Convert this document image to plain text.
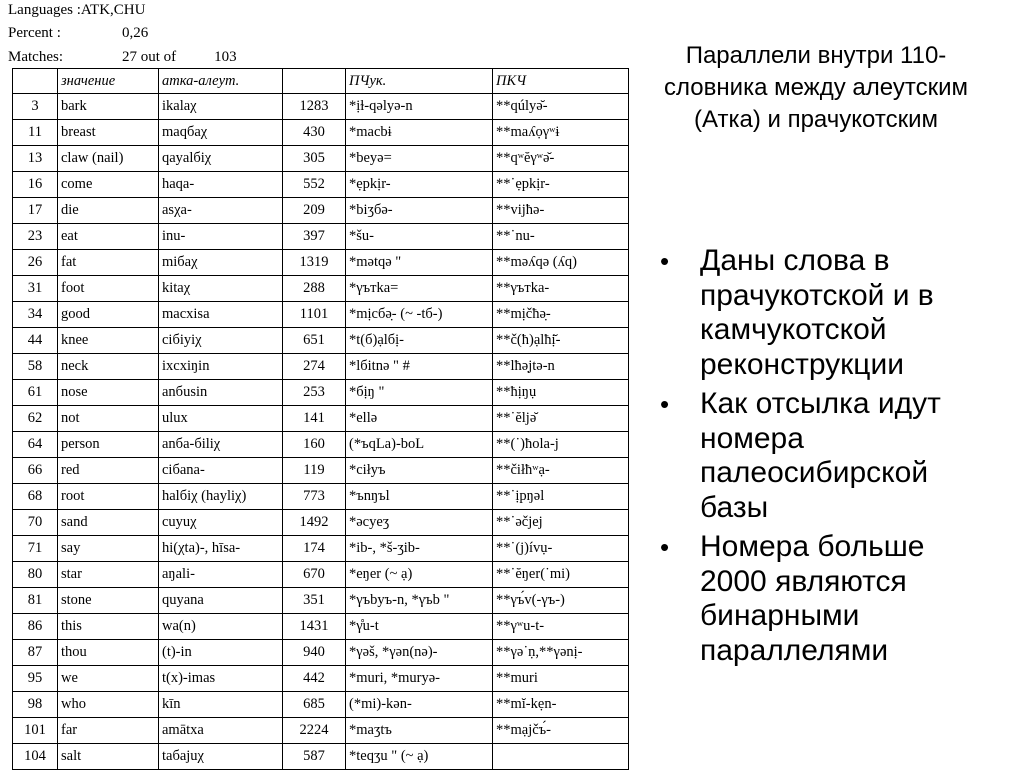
Languages :ATK,CHU
Percent :	0,26
Matches:	27 out of	103
	значение	атка-алеут.		ПЧук.	ПКЧ
3	bark	ikalaχ	1283	*ịɫ-qəlyə-n	**qúlyə̆-
11	breast	maqбaχ	430	*macbɨ	**maʎọγʷɨ
13	claw (nail)	qayalбiχ	305	*beyə=	**qʷĕγʷə̆-
16	come	haqa-	552	*ẹpkịr-	**˙ẹpkịr-
17	die	asχa-	209	*biʒбə-	**vijħə-
23	eat	inu-	397	*šu-	**˙nu-
26	fat	miбaχ	1319	*mətqə "	**məʎqə (ʎq)
31	foot	kitaχ	288	*γътka=	**γътka-
34	good	macxisa	1101	*mịcбə̣- (~ -tб-)	**mịčħə̣-
44	knee	ciбiyiχ	651	*t(б)ạlбị-	**č(ħ)ạlħị̆-
58	neck	ixcxiŋin	274	*lбitnə " #	**lħə̣jtə-n
61	nose	anбusin	253	*бịŋ "	**ħịŋụ
62	not	ulux	141	*ellə	**˙ĕljə̆
64	person	anбa-бiliχ	160	(*ъqLa)-boL	**(˙)ħola-j
66	red	ciбana-	119	*ciłyъ	**čiłħʷạ-
68	root	halбiχ (hayliχ)	773	*ъnŋъl	**˙ịpŋəl
70	sand	cuyuχ	1492	*əcyeʒ	**˙əčjej
71	say	hi(χta)-, hīsa-	174	*ib-, *š-ʒib-	**˙(j)ívụ-
80	star	aŋali-	670	*eŋer (~ ạ)	**˙ĕŋer(˙mi)
81	stone	quyana	351	*γъbyъ-n, *γъb "	**γъ́v(-γъ-)
86	this	wa(n)	1431	*γ̊u-t	**γʷu-t-
87	thou	(t)-in	940	*γəš, *γən(nə)-	**γə˙ṇ,**γənị-
95	we	t(x)-imas	442	*muri, *muryə-	**muri
98	who	kīn	685	(*mi)-kən-	**mĭ-kẹn-
101	far	amātxa	2224	*maʒtъ	**mạjčъ́-
104	salt	taбajuχ	587	*teqʒu " (~ ạ)	
Параллели внутри 110-словника между алеутским (Атка) и прачукотским
• Даны слова в прачукотской и в камчукотской реконструкции
• Как отсылка идут номера палеосибирской базы
• Номера больше 2000 являются бинарными параллелями
